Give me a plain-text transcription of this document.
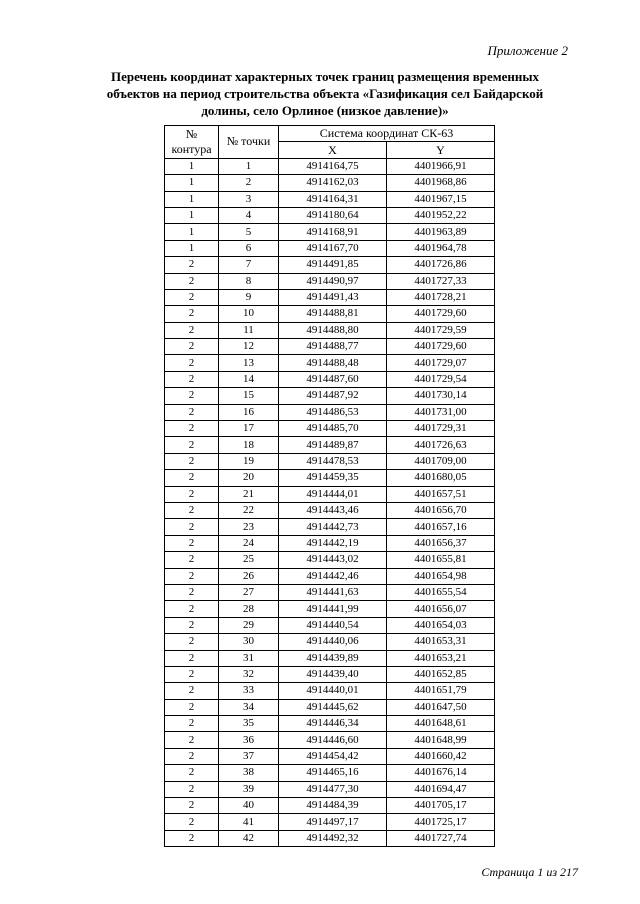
Приложение 2
Перечень координат характерных точек границ размещения временных
объектов на период строительства объекта «Газификация сел Байдарской
долины, село Орлиное (низкое давление)»
№ контура	№ точки	Система координат СК-63	
		X	Y
1	1	4914164,75	4401966,91
1	2	4914162,03	4401968,86
1	3	4914164,31	4401967,15
1	4	4914180,64	4401952,22
1	5	4914168,91	4401963,89
1	6	4914167,70	4401964,78
2	7	4914491,85	4401726,86
2	8	4914490,97	4401727,33
2	9	4914491,43	4401728,21
2	10	4914488,81	4401729,60
2	11	4914488,80	4401729,59
2	12	4914488,77	4401729,60
2	13	4914488,48	4401729,07
2	14	4914487,60	4401729,54
2	15	4914487,92	4401730,14
2	16	4914486,53	4401731,00
2	17	4914485,70	4401729,31
2	18	4914489,87	4401726,63
2	19	4914478,53	4401709,00
2	20	4914459,35	4401680,05
2	21	4914444,01	4401657,51
2	22	4914443,46	4401656,70
2	23	4914442,73	4401657,16
2	24	4914442,19	4401656,37
2	25	4914443,02	4401655,81
2	26	4914442,46	4401654,98
2	27	4914441,63	4401655,54
2	28	4914441,99	4401656,07
2	29	4914440,54	4401654,03
2	30	4914440,06	4401653,31
2	31	4914439,89	4401653,21
2	32	4914439,40	4401652,85
2	33	4914440,01	4401651,79
2	34	4914445,62	4401647,50
2	35	4914446,34	4401648,61
2	36	4914446,60	4401648,99
2	37	4914454,42	4401660,42
2	38	4914465,16	4401676,14
2	39	4914477,30	4401694,47
2	40	4914484,39	4401705,17
2	41	4914497,17	4401725,17
2	42	4914492,32	4401727,74
Страница 1 из 217
